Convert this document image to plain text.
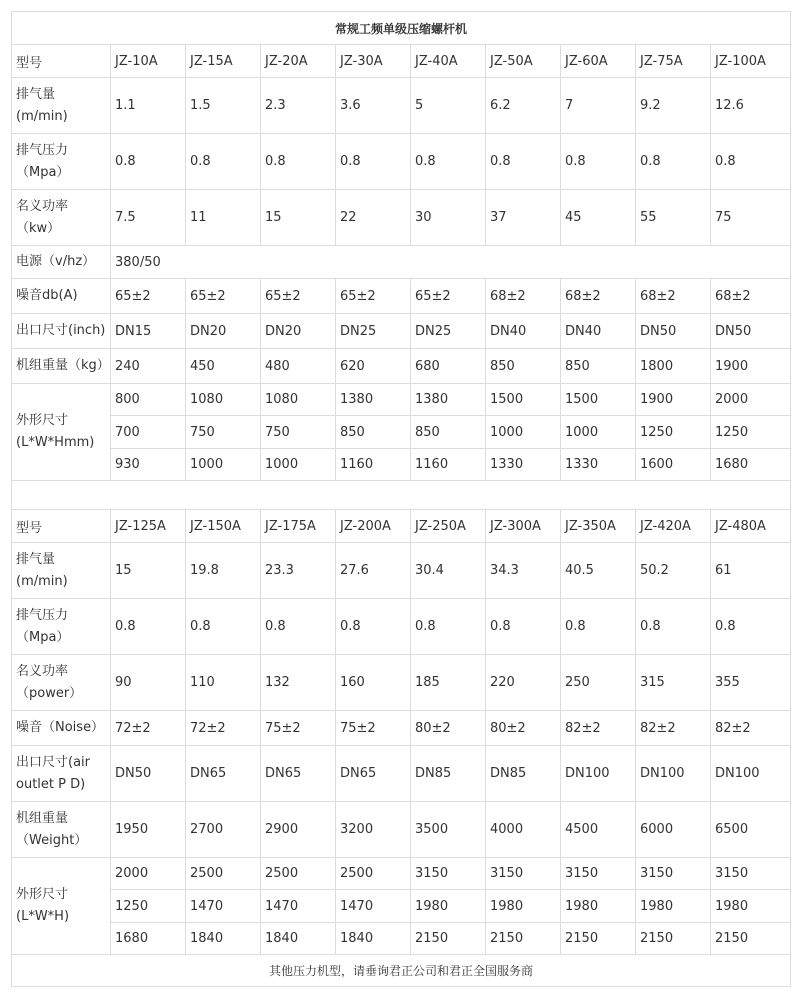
常规工频单级压缩螺杆机									
型号	JZ-10A	JZ-15A	JZ-20A	JZ-30A	JZ-40A	JZ-50A	JZ-60A	JZ-75A	JZ-100A

排气量
(m/min)	1.1	1.5	2.3	3.6	5	6.2	7	9.2	12.6

排气压力
（Mpa）	0.8	0.8	0.8	0.8	0.8	0.8	0.8	0.8	0.8

名义功率
（kw）	7.5	11	15	22	30	37	45	55	75
电源（v/hz）	380/50								

噪音db(A)	65±2	65±2	65±2	65±2	65±2	68±2	68±2	68±2	68±2

出口尺寸(inch)	DN15	DN20	DN20	DN25	DN25	DN40	DN40	DN50	DN50

机组重量（kg）	240	450	480	620	680	850	850	1800	1900

外形尺寸
(L*W*Hmm)	800	1080	1080	1380	1380	1500	1500	1900	2000
	700	750	750	850	850	1000	1000	1250	1250
	930	1000	1000	1160	1160	1330	1330	1600	1680

型号	JZ-125A	JZ-150A	JZ-175A	JZ-200A	JZ-250A	JZ-300A	JZ-350A	JZ-420A	JZ-480A

排气量
(m/min)	15	19.8	23.3	27.6	30.4	34.3	40.5	50.2	61

排气压力
（Mpa）	0.8	0.8	0.8	0.8	0.8	0.8	0.8	0.8	0.8

名义功率
（power）	90	110	132	160	185	220	250	315	355

噪音（Noise）	72±2	72±2	75±2	75±2	80±2	80±2	82±2	82±2	82±2

出口尺寸(air
outlet P D)	DN50	DN65	DN65	DN65	DN85	DN85	DN100	DN100	DN100

机组重量
（Weight）	1950	2700	2900	3200	3500	4000	4500	6000	6500

外形尺寸
(L*W*H)	2000	2500	2500	2500	3150	3150	3150	3150	3150
	1250	1470	1470	1470	1980	1980	1980	1980	1980
	1680	1840	1840	1840	2150	2150	2150	2150	2150
其他压力机型，请垂询君正公司和君正全国服务商									
